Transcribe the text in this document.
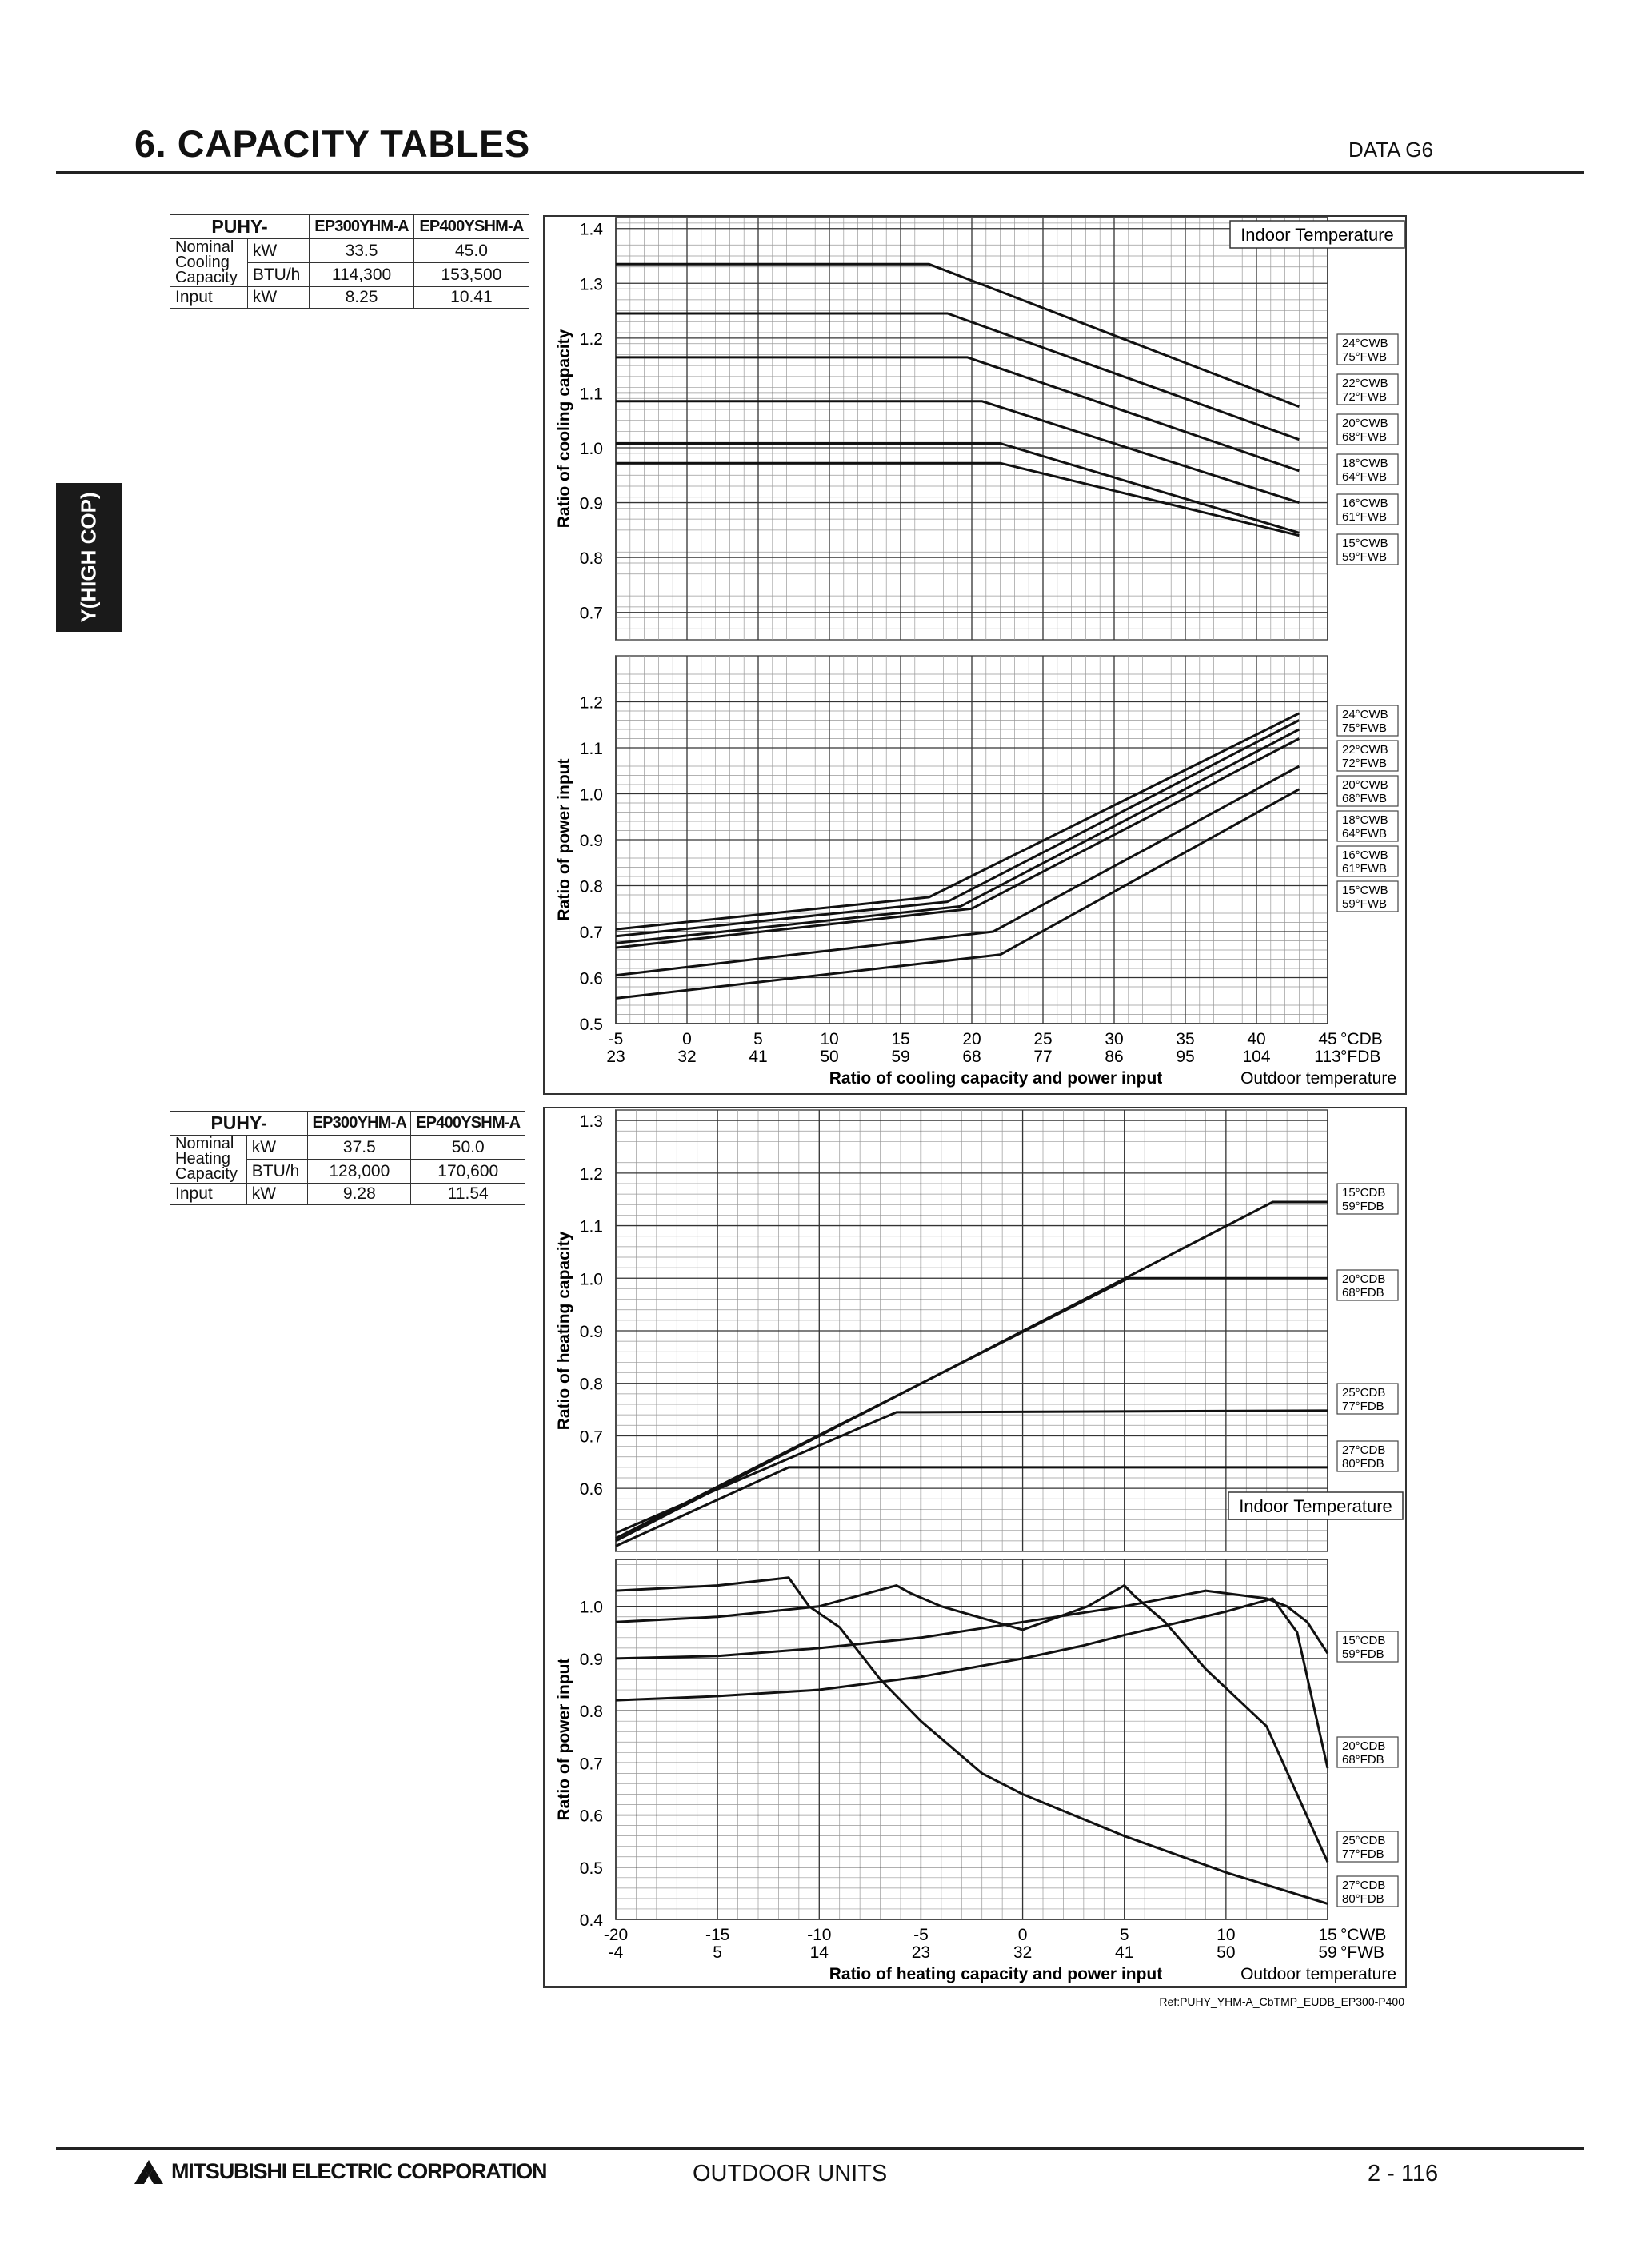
6. CAPACITY TABLES	DATA G6
Y(HIGH COP)
PUHY-		EP300YHM-A	EP400YSHM-A
Nominal
Cooling
Capacity	kW	33.5	45.0
	BTU/h	114,300	153,500
Input	kW	8.25	10.41
PUHY-		EP300YHM-A	EP400YSHM-A
Nominal
Heating
Capacity	kW	37.5	50.0
	BTU/h	128,000	170,600
Input	kW	9.28	11.54
1.4
1.3
1.2
1.1
1.0
0.9
0.8
0.7
Ratio of cooling capacity
Indoor Temperature
24°CWB
75°FWB
22°CWB
72°FWB
20°CWB
68°FWB
18°CWB
64°FWB
16°CWB
61°FWB
15°CWB
59°FWB
1.2
1.1
1.0
0.9
0.8
0.7
0.6
0.5
Ratio of power input
-5
23
0
32
5
41
10
50
15
59
20
68
25
77
30
86
35
95
40
104
45
113
°CDB
°FDB
Ratio of cooling capacity and power input	Outdoor temperature
24°CWB
75°FWB
22°CWB
72°FWB
20°CWB
68°FWB
18°CWB
64°FWB
16°CWB
61°FWB
15°CWB
59°FWB
1.3
1.2
1.1
1.0
0.9
0.8
0.7
0.6
Ratio of heating capacity
Indoor Temperature
15°CDB
59°FDB
20°CDB
68°FDB
25°CDB
77°FDB
27°CDB
80°FDB
1.0
0.9
0.8
0.7
0.6
0.5
0.4
Ratio of power input
-20
-4
-15
5
-10
14
-5
23
0
32
5
41
10
50
15
59
°CWB
°FWB
Ratio of heating capacity and power input	Outdoor temperature
15°CDB
59°FDB
20°CDB
68°FDB
25°CDB
77°FDB
27°CDB
80°FDB
Ref:PUHY_YHM-A_CbTMP_EUDB_EP300-P400
MITSUBISHI ELECTRIC CORPORATION	OUTDOOR UNITS	2 - 116
